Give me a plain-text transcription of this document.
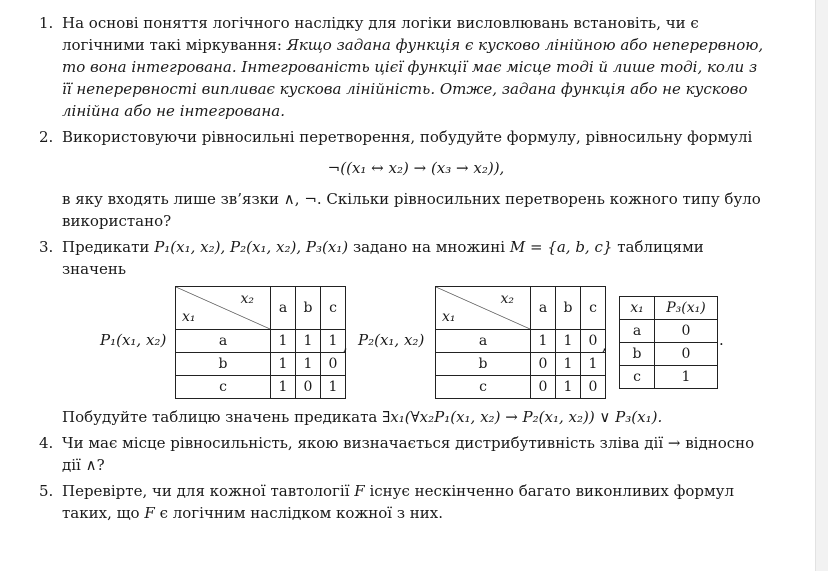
1. На основі поняття логічного наслідку для логіки висловлювань встановіть, чи є логічними такі міркування: Якщо задана функція є кусково лінійною або неперервною, то вона інтегрована. Інтегрованість цієї функції має місце тоді й лише тоді, коли з її неперервності випливає кускова лінійність. Отже, задана функція або не кусково лінійна або не інтегрована.
2. Використовуючи рівносильні перетворення, побудуйте формулу, рівносильну формулі
¬((x₁ ↔ x₂) → (x₃ → x₂)),
в яку входять лише зв’язки ∧, ¬. Скільки рівносильних перетворень кожного типу було використано?
3. Предикати P₁(x₁, x₂), P₂(x₁, x₂), P₃(x₁) задано на множині M = {a, b, c} таблицями значень
P₁(x₁, x₂)
x₂
x₁	a	b	c

a	1	1	1
b	1	1	0
c	1	0	1
, P₂(x₁, x₂)
x₂
x₁	a	b	c

a	1	1	0
b	0	1	1
c	0	1	0
,
x₁	P₃(x₁)
a	0
b	0
c	1
.
Побудуйте таблицю значень предиката ∃x₁(∀x₂P₁(x₁, x₂) → P₂(x₁, x₂)) ∨ P₃(x₁).
4. Чи має місце рівносильність, якою визначається дистрибутивність зліва дії → відносно дії ∧?
5. Перевірте, чи для кожної тавтології F існує нескінченно багато виконливих формул таких, що F є логічним наслідком кожної з них.
